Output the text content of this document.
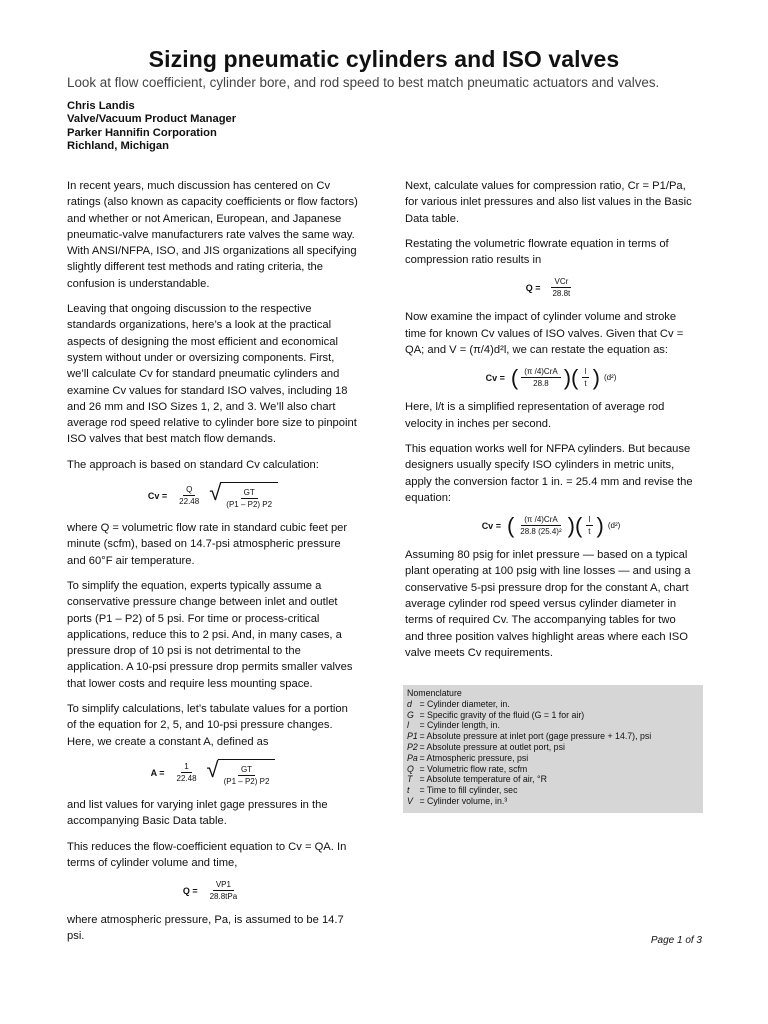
Sizing pneumatic cylinders and ISO valves
Look at flow coefficient, cylinder bore, and rod speed to best match pneumatic actuators and valves.
Chris Landis
Valve/Vacuum Product Manager
Parker Hannifin Corporation
Richland, Michigan

In recent years, much discussion has centered on Cv ratings (also known as capacity coefficients or flow factors) and whether or not American, European, and Japanese pneumatic-valve manufacturers rate valves the same way. With ANSI/NFPA, ISO, and JIS organizations all specifying slightly different test methods and rating criteria, the confusion is understandable.

Leaving that ongoing discussion to the respective standards organizations, here’s a look at the practical aspects of designing the most efficient and economical system without under or oversizing components. First, we’ll calculate Cv for standard pneumatic cylinders and examine Cv values for standard ISO valves, including 18 and 26 mm and ISO Sizes 1, 2, and 3. We’ll also chart average rod speed relative to cylinder bore size to pinpoint ISO valves that best match flow demands.

The approach is based on standard Cv calculation:

$Cv = \frac{Q}{22.48}$ √ $\frac{GT}{(P1 - P2) P2}$

where Q = volumetric flow rate in standard cubic feet per minute (scfm), based on 14.7-psi atmospheric pressure and 60°F air temperature.

To simplify the equation, experts typically assume a conservative pressure change between inlet and outlet ports (P1 – P2) of 5 psi. For time or process-critical applications, reduce this to 2 psi. And, in many cases, a pressure drop of 10 psi is not detrimental to the application. A 10-psi pressure drop permits smaller valves that lower costs and require less mounting space.

To simplify calculations, let’s tabulate values for a portion of the equation for 2, 5, and 10-psi pressure changes. Here, we create a constant A, defined as

$A = \frac{1}{22.48}$ √ $\frac{GT}{(P1 - P2) P2}$

and list values for varying inlet gage pressures in the accompanying Basic Data table.

This reduces the flow-coefficient equation to Cv = QA. In terms of cylinder volume and time,

$Q = \frac{VP1}{\text{28.8tPa}}$

where atmospheric pressure, Pa, is assumed to be 14.7 psi.

Next, calculate values for compression ratio, Cr = P1/Pa, for various inlet pressures and also list values in the Basic Data table.

Restating the volumetric flowrate equation in terms of compression ratio results in

$Q = \frac{\text{VCr}}{28.8t}$

Now examine the impact of cylinder volume and stroke time for known Cv values of ISO valves. Given that Cv = QA; and V = (π/4)d²l, we can restate the equation as:

Cv = ( $\frac{\text{(π /4)CrA}}{28.8}$ ) ( $\frac{l}{t}$ ) (d²)

Here, l/t is a simplified representation of average rod velocity in inches per second.

This equation works well for NFPA cylinders. But because designers usually specify ISO cylinders in metric units, apply the conversion factor 1 in. = 25.4 mm and revise the equation:

Cv = ( $\frac{\text{(π /4)CrA}}{\text{28.8 (25.4)²}}$ ) ( $\frac{l}{t}$ ) (d²)

Assuming 80 psig for inlet pressure — based on a typical plant operating at 100 psig with line losses — and using a conservative 5-psi pressure drop for the constant A, chart average cylinder rod speed versus cylinder diameter in terms of required Cv. The accompanying tables for two and three position valves highlight areas where each ISO valve meets Cv requirements.

Nomenclature
d = Cylinder diameter, in.
G = Specific gravity of the fluid (G = 1 for air)
l = Cylinder length, in.
P1 = Absolute pressure at inlet port (gage pressure + 14.7), psi
P2 = Absolute pressure at outlet port, psi
Pa = Atmospheric pressure, psi
Q = Volumetric flow rate, scfm
T = Absolute temperature of air, °R
t = Time to fill cylinder, sec
V = Cylinder volume, in.³
Page 1 of 3
